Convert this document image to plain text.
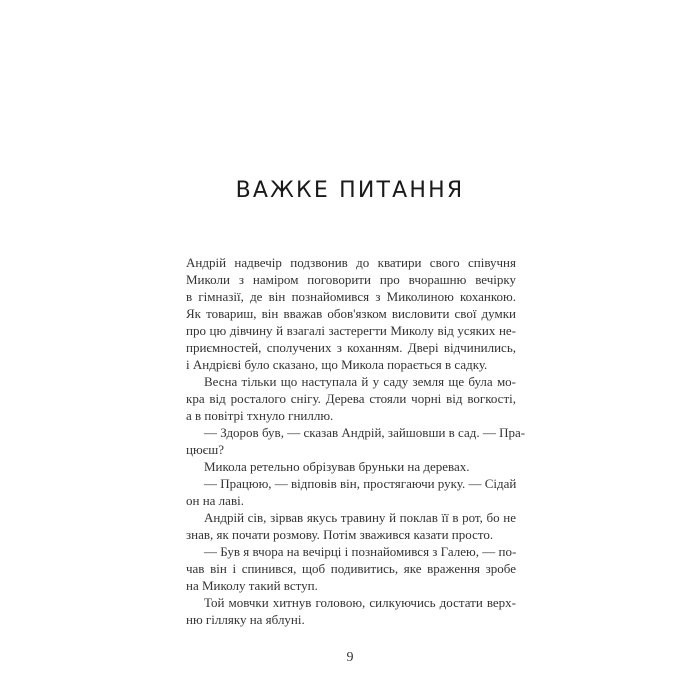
ВАЖКЕ ПИТАННЯ
Андрій надвечір подзвонив до кватири свого співучня
Миколи з наміром поговорити про вчорашню вечірку
в гімназії, де він познайомився з Миколиною коханкою.
Як товариш, він вважав обов'язком висловити свої думки
про цю дівчину й взагалі застерегти Миколу від усяких не-
приємностей, сполучених з коханням. Двері відчинились,
і Андрієві було сказано, що Микола порається в садку.
Весна тільки що наступала й у саду земля ще була мо-
кра від росталого снігу. Дерева стояли чорні від вогкості,
а в повітрі тхнуло гниллю.
— Здоров був, — сказав Андрій, зайшовши в сад. — Пра-
цюєш?
Микола ретельно обрізував бруньки на деревах.
— Працюю, — відповів він, простягаючи руку. — Сідай
он на лаві.
Андрій сів, зірвав якусь травину й поклав її в рот, бо не
знав, як почати розмову. Потім зважився казати просто.
— Був я вчора на вечірці і познайомився з Галею, — по-
чав він і спинився, щоб подивитись, яке враження зробе
на Миколу такий вступ.
Той мовчки хитнув головою, силкуючись достати верх-
ню гілляку на яблуні.
9
